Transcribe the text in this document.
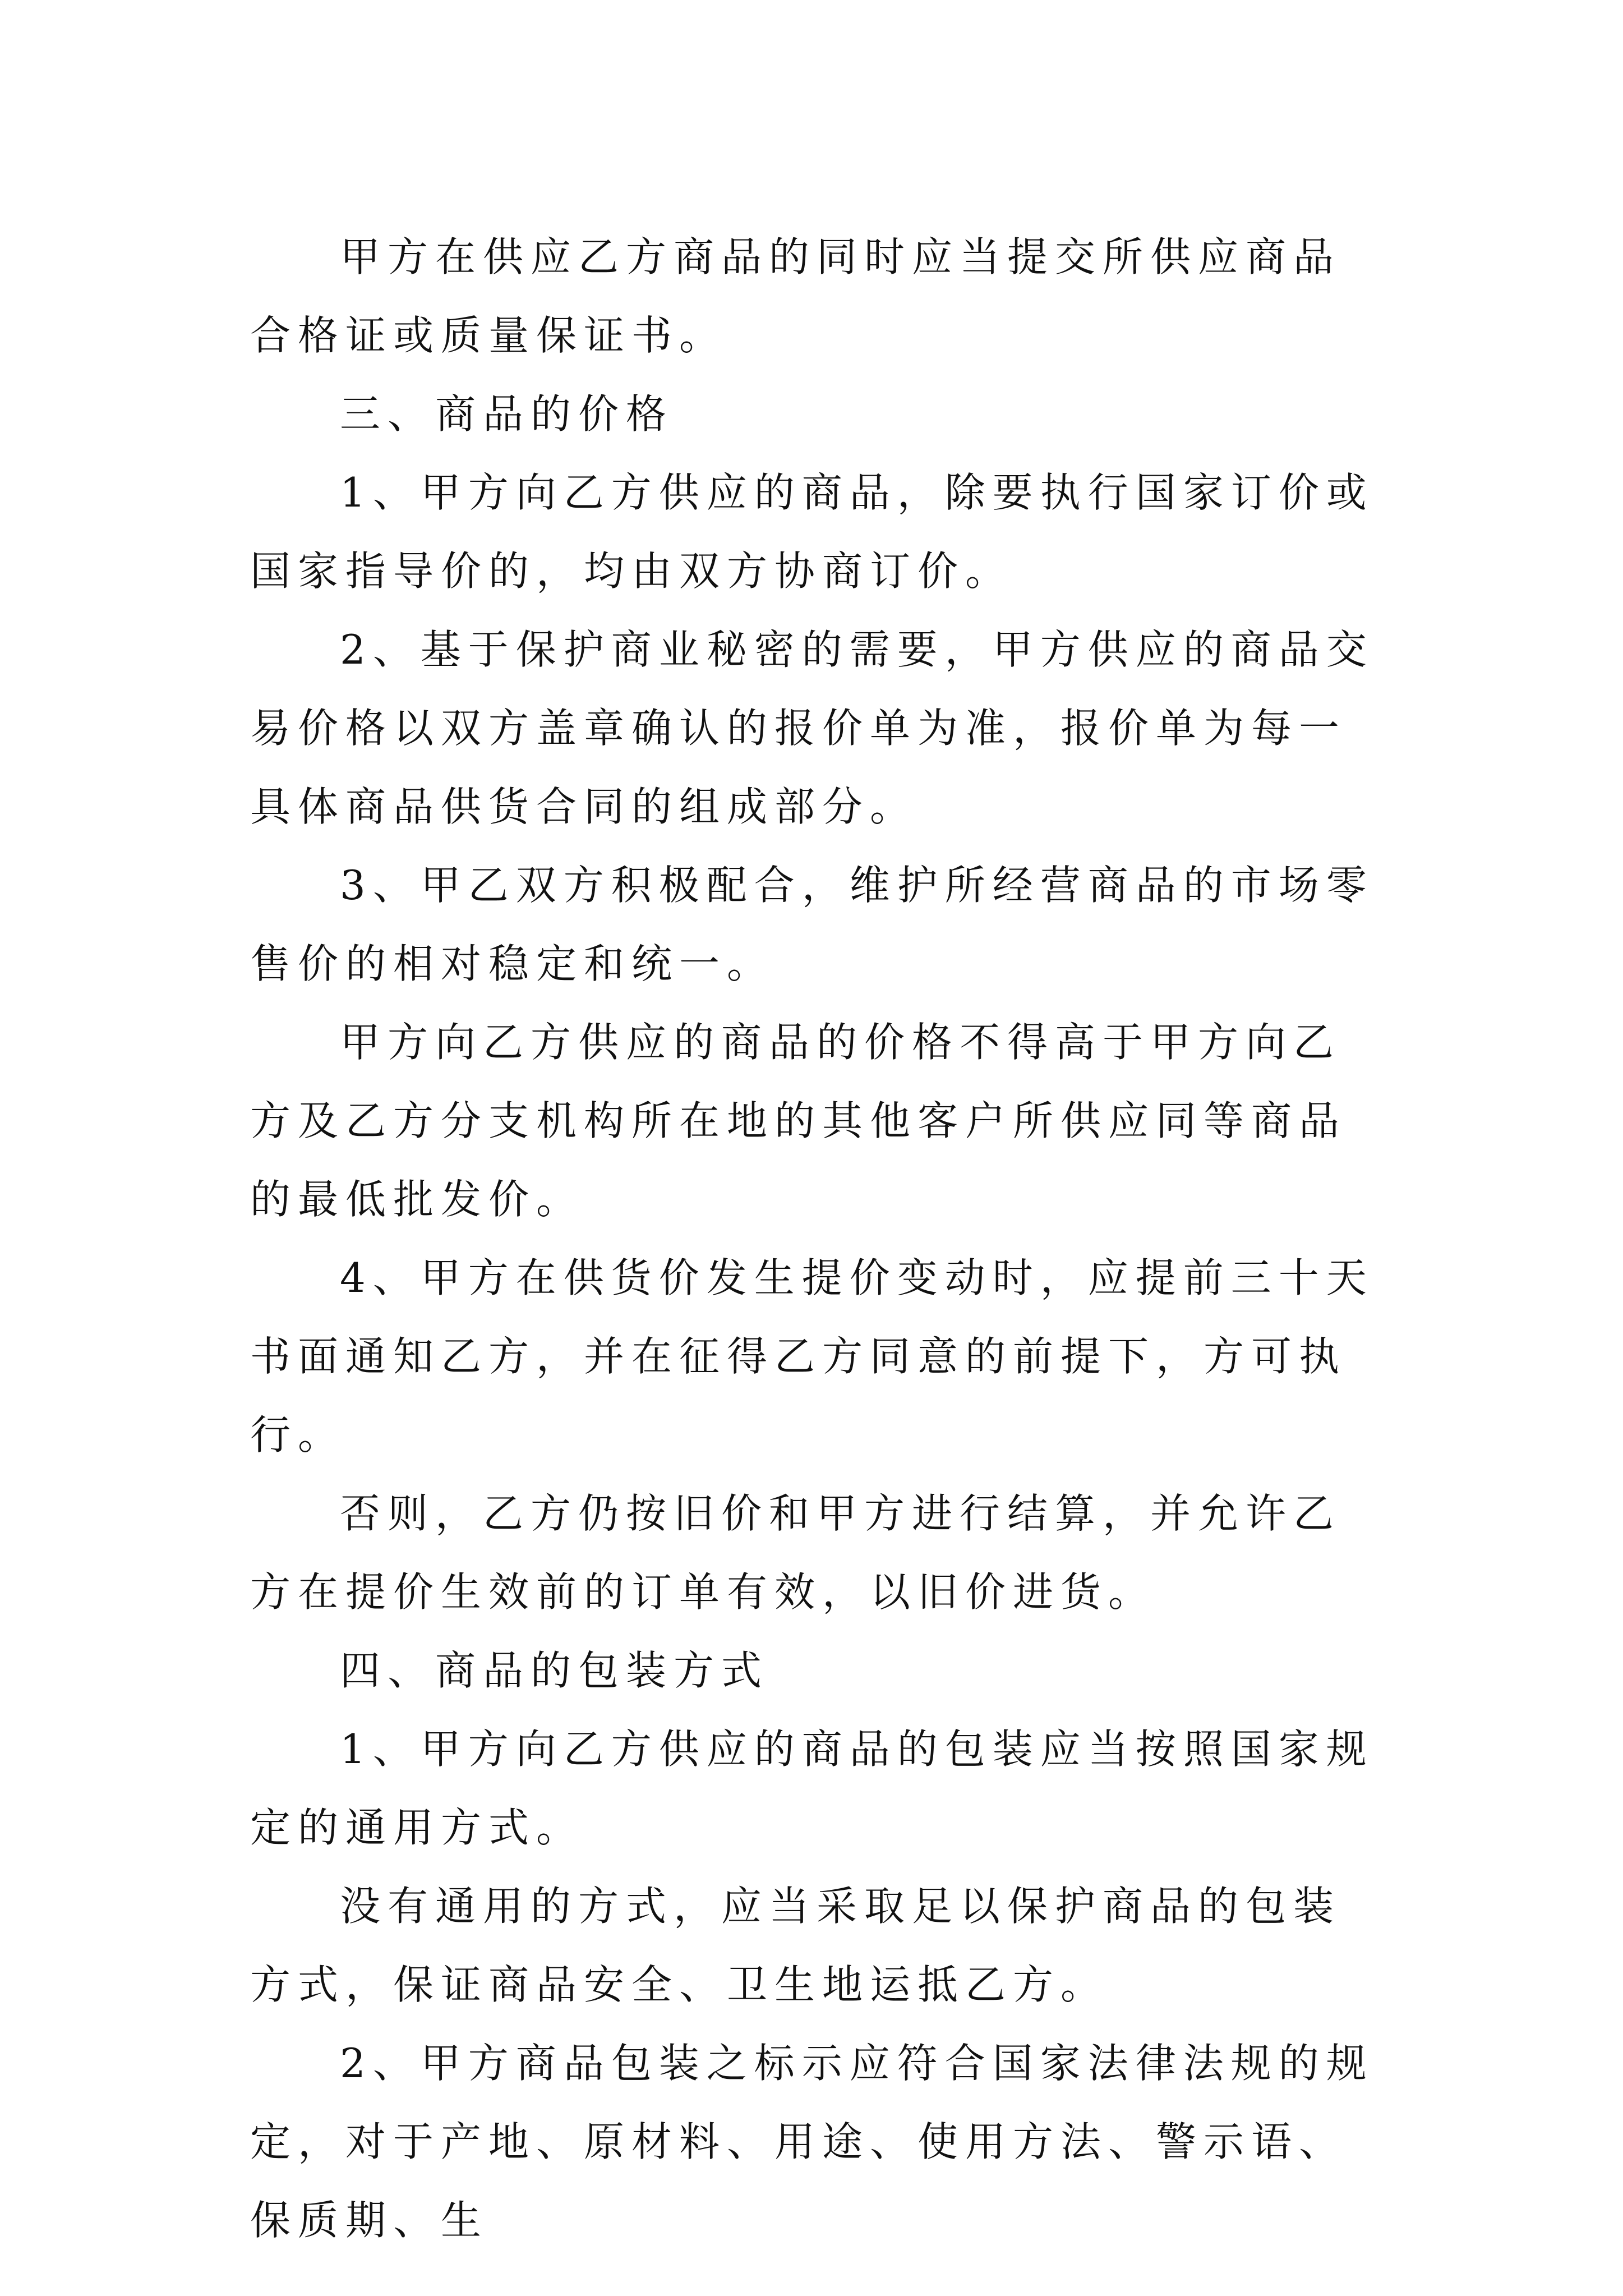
甲方在供应乙方商品的同时应当提交所供应商品合格证或质量保证书。

三、商品的价格

1、甲方向乙方供应的商品，除要执行国家订价或国家指导价的，均由双方协商订价。

2、基于保护商业秘密的需要，甲方供应的商品交易价格以双方盖章确认的报价单为准，报价单为每一具体商品供货合同的组成部分。

3、甲乙双方积极配合，维护所经营商品的市场零售价的相对稳定和统一。

甲方向乙方供应的商品的价格不得高于甲方向乙方及乙方分支机构所在地的其他客户所供应同等商品的最低批发价。

4、甲方在供货价发生提价变动时，应提前三十天书面通知乙方，并在征得乙方同意的前提下，方可执行。

否则，乙方仍按旧价和甲方进行结算，并允许乙方在提价生效前的订单有效，以旧价进货。

四、商品的包装方式

1、甲方向乙方供应的商品的包装应当按照国家规定的通用方式。

没有通用的方式，应当采取足以保护商品的包装方式，保证商品安全、卫生地运抵乙方。

2、甲方商品包装之标示应符合国家法律法规的规定，对于产地、原材料、用途、使用方法、警示语、保质期、生
